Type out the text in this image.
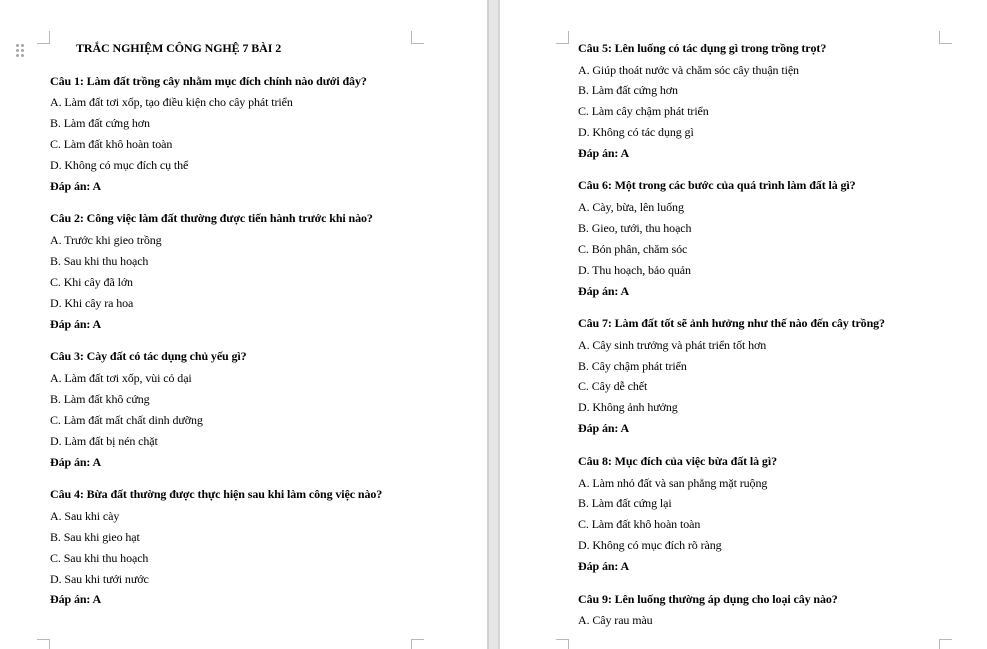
TRẮC NGHIỆM CÔNG NGHỆ 7 BÀI 2
Câu 1: Làm đất trồng cây nhằm mục đích chính nào dưới đây?
A. Làm đất tơi xốp, tạo điều kiện cho cây phát triển
B. Làm đất cứng hơn
C. Làm đất khô hoàn toàn
D. Không có mục đích cụ thể
Đáp án: A
Câu 2: Công việc làm đất thường được tiến hành trước khi nào?
A. Trước khi gieo trồng
B. Sau khi thu hoạch
C. Khi cây đã lớn
D. Khi cây ra hoa
Đáp án: A
Câu 3: Cày đất có tác dụng chủ yếu gì?
A. Làm đất tơi xốp, vùi cỏ dại
B. Làm đất khô cứng
C. Làm đất mất chất dinh dưỡng
D. Làm đất bị nén chặt
Đáp án: A
Câu 4: Bừa đất thường được thực hiện sau khi làm công việc nào?
A. Sau khi cày
B. Sau khi gieo hạt
C. Sau khi thu hoạch
D. Sau khi tưới nước
Đáp án: A
Câu 5: Lên luống có tác dụng gì trong trồng trọt?
A. Giúp thoát nước và chăm sóc cây thuận tiện
B. Làm đất cứng hơn
C. Làm cây chậm phát triển
D. Không có tác dụng gì
Đáp án: A
Câu 6: Một trong các bước của quá trình làm đất là gì?
A. Cày, bừa, lên luống
B. Gieo, tưới, thu hoạch
C. Bón phân, chăm sóc
D. Thu hoạch, bảo quản
Đáp án: A
Câu 7: Làm đất tốt sẽ ảnh hưởng như thế nào đến cây trồng?
A. Cây sinh trưởng và phát triển tốt hơn
B. Cây chậm phát triển
C. Cây dễ chết
D. Không ảnh hưởng
Đáp án: A
Câu 8: Mục đích của việc bừa đất là gì?
A. Làm nhỏ đất và san phẳng mặt ruộng
B. Làm đất cứng lại
C. Làm đất khô hoàn toàn
D. Không có mục đích rõ ràng
Đáp án: A
Câu 9: Lên luống thường áp dụng cho loại cây nào?
A. Cây rau màu
